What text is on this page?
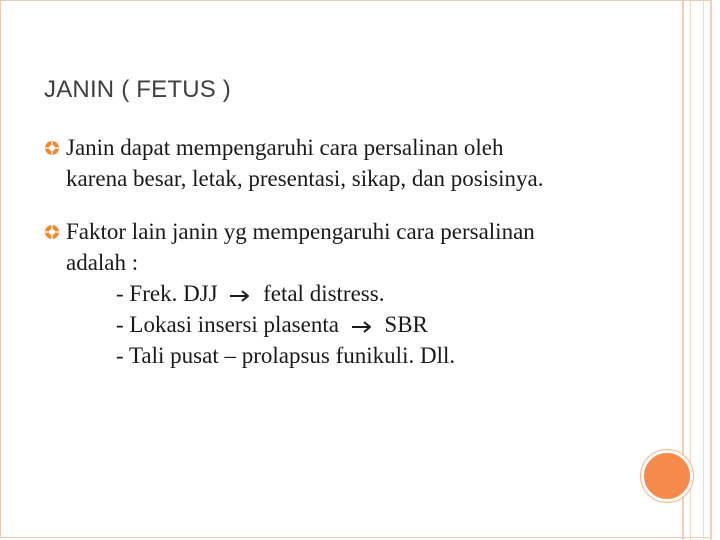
JANIN ( FETUS )
Janin dapat mempengaruhi cara persalinan oleh
karena besar, letak, presentasi, sikap, dan posisinya.
Faktor lain janin yg mempengaruhi cara persalinan
adalah :
- Frek. DJJ fetal distress.
- Lokasi insersi plasenta SBR
- Tali pusat – prolapsus funikuli. Dll.
